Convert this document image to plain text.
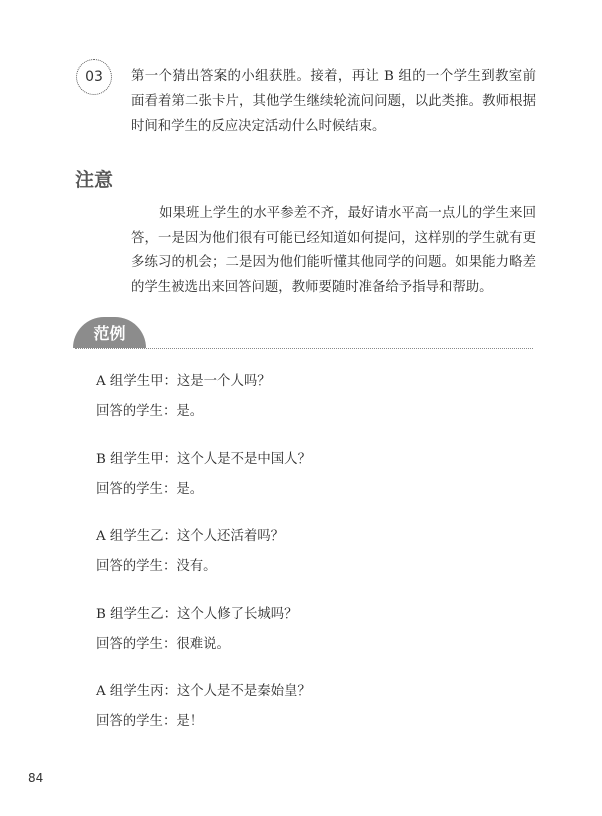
03 第一个猜出答案的小组获胜。接着，再让 B 组的一个学生到教室前面看着第二张卡片，其他学生继续轮流问问题，以此类推。教师根据时间和学生的反应决定活动什么时候结束。
注意
如果班上学生的水平参差不齐，最好请水平高一点儿的学生来回答，一是因为他们很有可能已经知道如何提问，这样别的学生就有更多练习的机会；二是因为他们能听懂其他同学的问题。如果能力略差的学生被选出来回答问题，教师要随时准备给予指导和帮助。
范例
A 组学生甲：这是一个人吗？
回答的学生：是。
B 组学生甲：这个人是不是中国人？
回答的学生：是。
A 组学生乙：这个人还活着吗？
回答的学生：没有。
B 组学生乙：这个人修了长城吗？
回答的学生：很难说。
A 组学生丙：这个人是不是秦始皇？
回答的学生：是！
84
